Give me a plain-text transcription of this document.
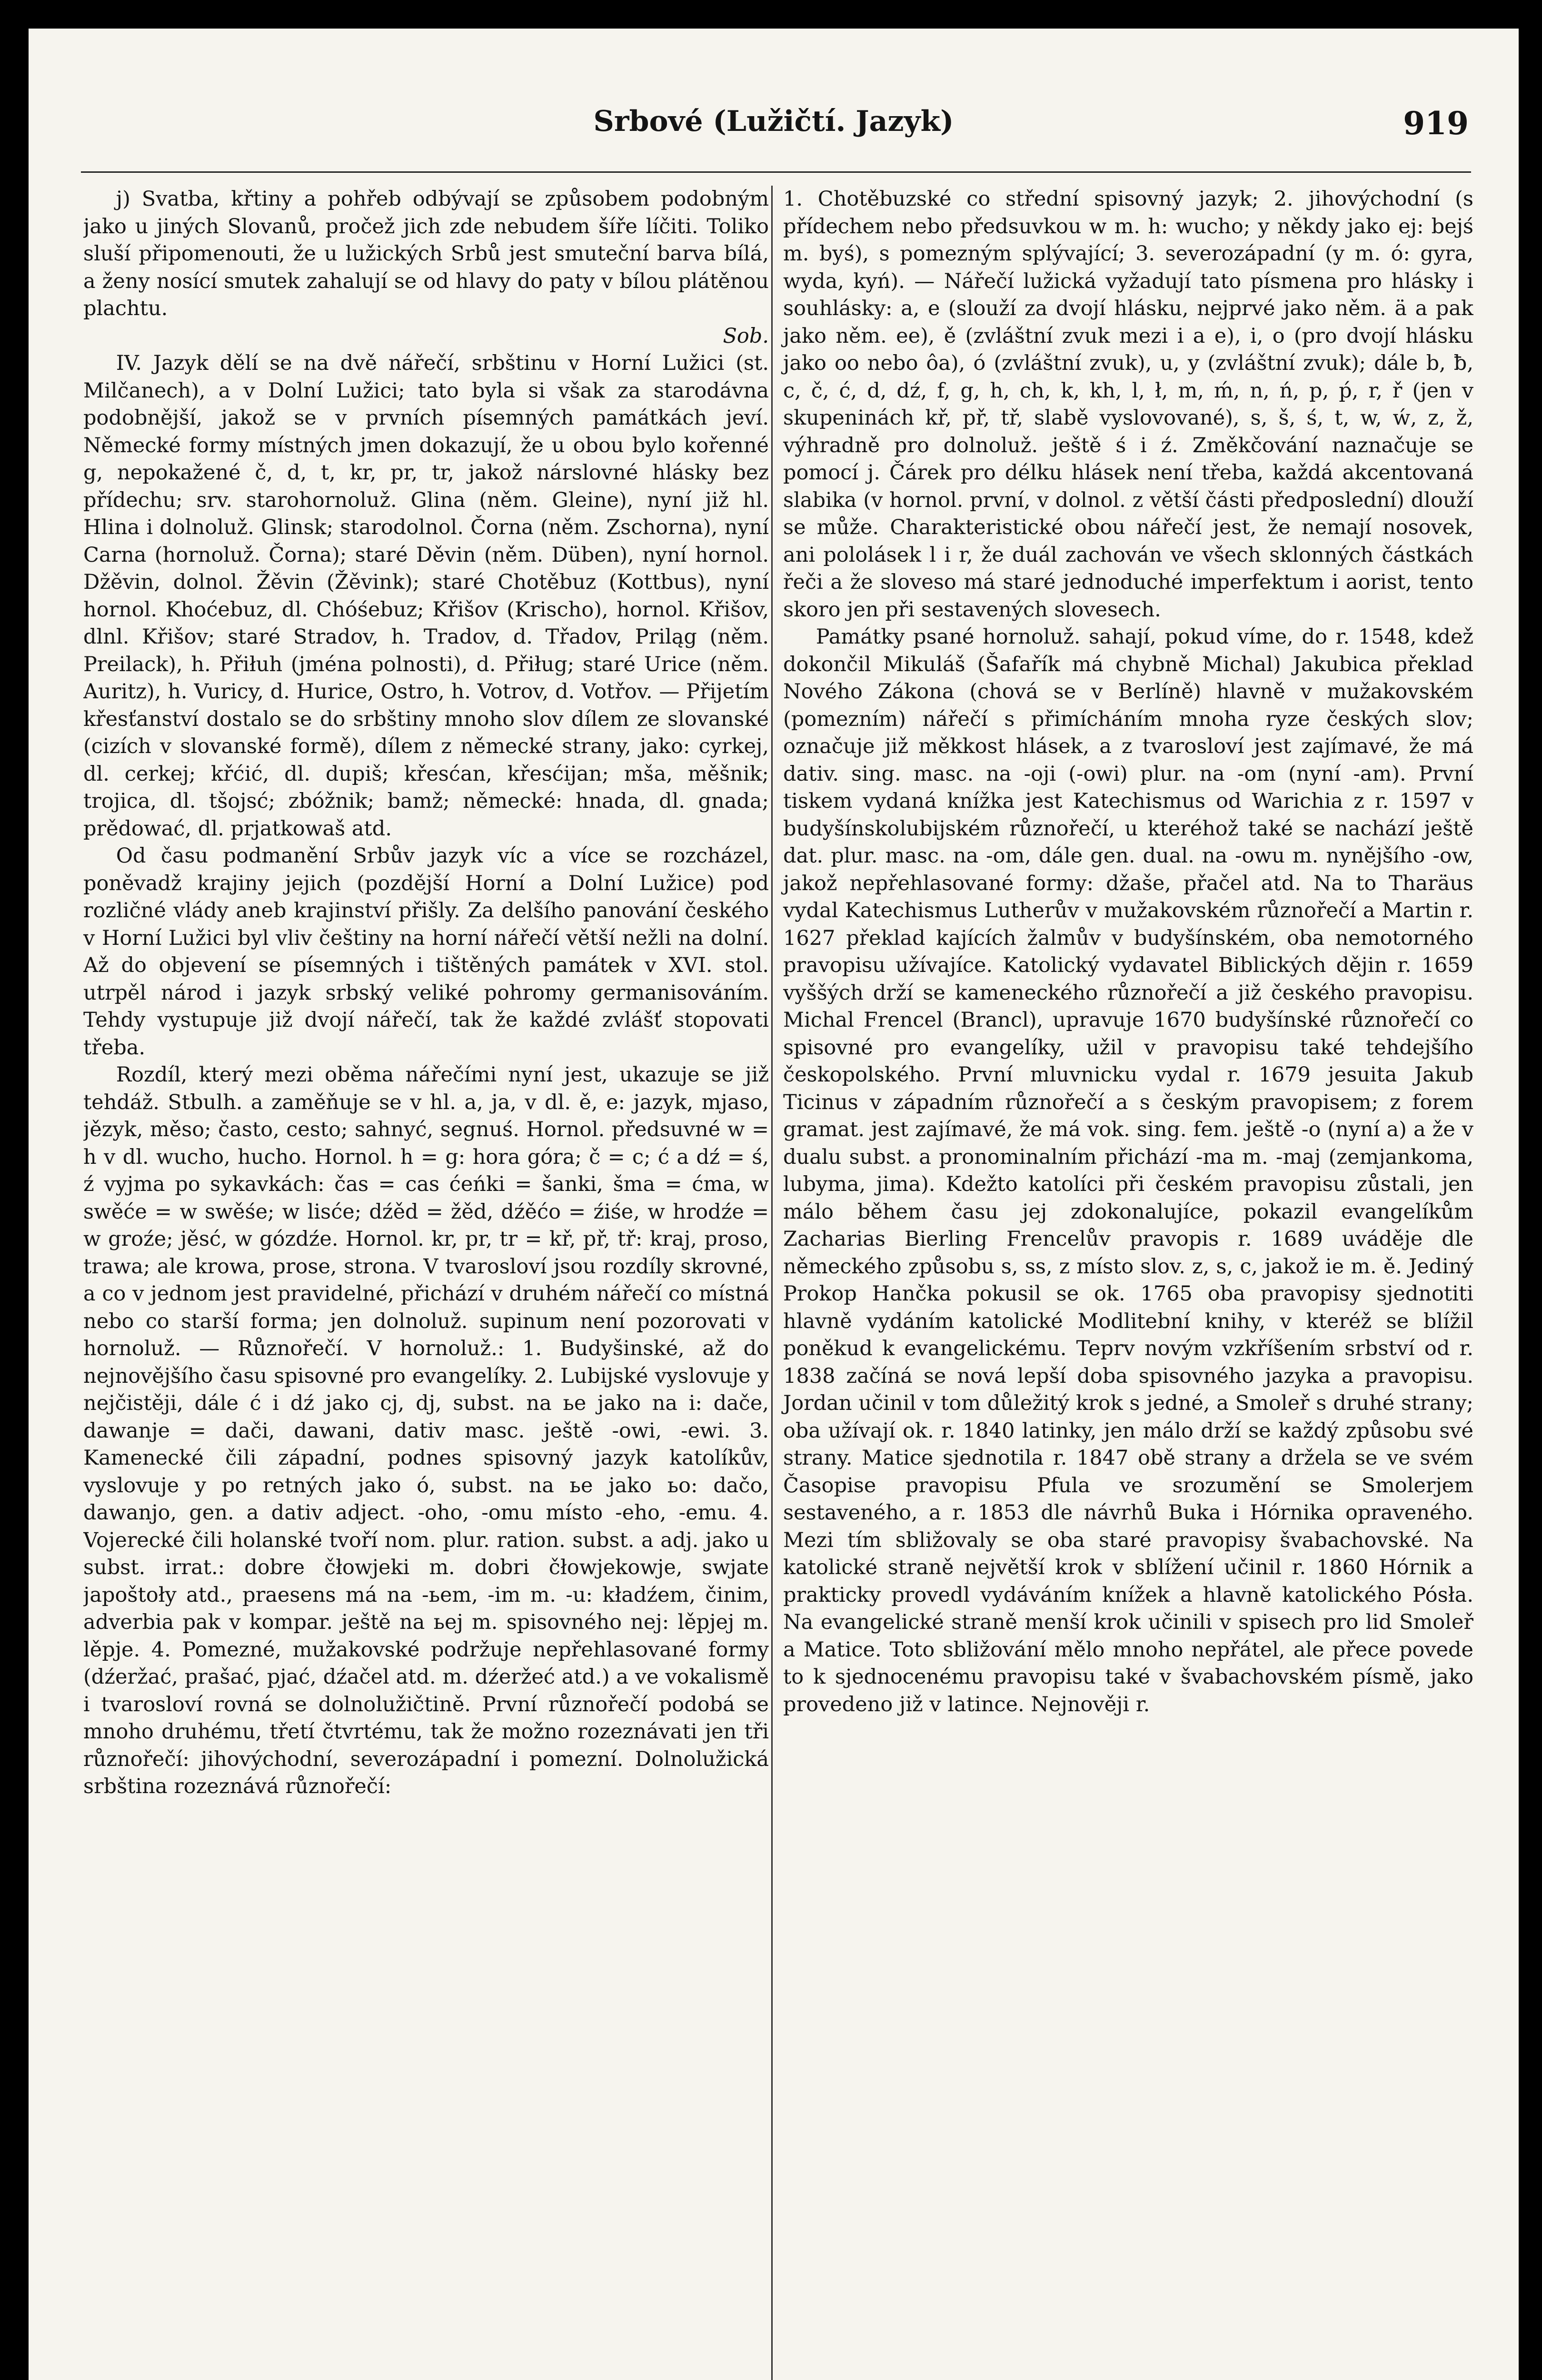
Srbové (Lužičtí. Jazyk)	919

j) Svatba, křtiny a pohřeb odbývají se způsobem podobným jako u jiných Slovanů, pročež jich zde nebudem šíře líčiti. Toliko sluší připomenouti, že u lužických Srbů jest smuteční barva bílá, a ženy nosící smutek zahalují se od hlavy do paty v bílou plátěnou plachtu.

Sob.

IV. Jazyk dělí se na dvě nářečí, srbštinu v Horní Lužici (st. Milčanech), a v Dolní Lužici; tato byla si však za starodávna podobnější, jakož se v prvních písemných památkách jeví. Německé formy místných jmen dokazují, že u obou bylo kořenné g, nepokažené č, d, t, kr, pr, tr, jakož nárslovné hlásky bez přídechu; srv. starohornoluž. Glina (něm. Gleine), nyní již hl. Hlina i dolnoluž. Glinsk; starodolnol. Čorna (něm. Zschorna), nyní Carna (hornoluž. Čorna); staré Děvin (něm. Düben), nyní hornol. Džěvin, dolnol. Žěvin (Žěvink); staré Chotěbuz (Kottbus), nyní hornol. Khoćebuz, dl. Chóśebuz; Křišov (Krischo), hornol. Křišov, dlnl. Křišov; staré Stradov, h. Tradov, d. Třadov, Priląg (něm. Preilack), h. Přiłuh (jména polnosti), d. Přiług; staré Urice (něm. Auritz), h. Vuricy, d. Hurice, Ostro, h. Votrov, d. Votřov. — Přijetím křesťanství dostalo se do srbštiny mnoho slov dílem ze slovanské (cizích v slovanské formě), dílem z německé strany, jako: cyrkej, dl. cerkej; křćić, dl. dupiš; křesćan, křesćijan; mša, měšnik; trojica, dl. tšojsć; zbóžnik; bamž; německé: hnada, dl. gnada; prědować, dl. prjatkowaš atd.

Od času podmanění Srbův jazyk víc a více se rozcházel, poněvadž krajiny jejich (pozdější Horní a Dolní Lužice) pod rozličné vlády aneb krajinství přišly. Za delšího panování českého v Horní Lužici byl vliv češtiny na horní nářečí větší nežli na dolní. Až do objevení se písemných i tištěných památek v XVI. stol. utrpěl národ i jazyk srbský veliké pohromy germanisováním. Tehdy vystupuje již dvojí nářečí, tak že každé zvlášť stopovati třeba.

Rozdíl, který mezi oběma nářečími nyní jest, ukazuje se již tehdáž. Stbulh. a zaměňuje se v hl. a, ja, v dl. ě, e: jazyk, mjaso, jězyk, měso; často, cesto; sahnyć, segnuś. Hornol. předsuvné w = h v dl. wucho, hucho. Hornol. h = g: hora góra; č = c; ć a dź = ś, ź vyjma po sykavkách: čas = cas ćeńki = šanki, šma = ćma, w swěće = w swěśe; w lisće; dźěd = žěd, dźěćo = źiśe, w hrodźe = w groźe; jěsć, w gózdźe. Hornol. kr, pr, tr = kř, př, tř: kraj, proso, trawa; ale krowa, prose, strona. V tvarosloví jsou rozdíly skrovné, a co v jednom jest pravidelné, přichází v druhém nářečí co místná nebo co starší forma; jen dolnoluž. supinum není pozorovati v hornoluž. — Různořečí. V hornoluž.: 1. Budyšinské, až do nejnovějšího času spisovné pro evangelíky. 2. Lubijské vyslovuje y nejčistěji, dále ć i dź jako cj, dj, subst. na ье jako na i: dače, dawanje = dači, dawani, dativ masc. ještě -owi, -ewi. 3. Kamenecké čili západní, podnes spisovný jazyk katolíkův, vyslovuje y po retných jako ó, subst. na ье jako ьо: dačo, dawanjo, gen. a dativ adject. -oho, -omu místo -eho, -emu. 4. Vojerecké čili holanské tvoří nom. plur. ration. subst. a adj. jako u subst. irrat.: dobre čłowjeki m. dobri čłowjekowje, swjate japoštoły atd., praesens má na -ьem, -im m. -u: kładźem, činim, adverbia pak v kompar. ještě na ьej m. spisovného nej: lěpjej m. lěpje. 4. Pomezné, mužakovské podržuje nepřehlasované formy (dźeržać, prašać, pjać, dźačel atd. m. dźeržeć atd.) a ve vokalismě i tvarosloví rovná se dolnolužičtině. První různořečí podobá se mnoho druhému, třetí čtvrtému, tak že možno rozeznávati jen tři různořečí: jihovýchodní, severozápadní i pomezní. Dolnolužická srbština rozeznává různořečí:

1. Chotěbuzské co střední spisovný jazyk; 2. jihovýchodní (s přídechem nebo předsuvkou w m. h: wucho; y někdy jako ej: bejś m. byś), s pomezným splývající; 3. severozápadní (y m. ó: gyra, wyda, kyń). — Nářečí lužická vyžadují tato písmena pro hlásky i souhlásky: a, e (slouží za dvojí hlásku, nejprvé jako něm. ä a pak jako něm. ee), ě (zvláštní zvuk mezi i a e), i, o (pro dvojí hlásku jako oo nebo ôa), ó (zvláštní zvuk), u, y (zvláštní zvuk); dále b, ƀ, c, č, ć, d, dź, f, g, h, ch, k, kh, l, ł, m, ḿ, n, ń, p, ṕ, r, ř (jen v skupeninách kř, př, tř, slabě vyslovované), s, š, ś, t, w, ẃ, z, ž, výhradně pro dolnoluž. ještě ś i ź. Změkčování naznačuje se pomocí j. Čárek pro délku hlásek není třeba, každá akcentovaná slabika (v hornol. první, v dolnol. z větší části předposlední) dlouží se může. Charakteristické obou nářečí jest, že nemají nosovek, ani pololásek l i r, že duál zachován ve všech sklonných částkách řeči a že sloveso má staré jednoduché imperfektum i aorist, tento skoro jen při sestavených slovesech.

Památky psané hornoluž. sahají, pokud víme, do r. 1548, kdež dokončil Mikuláš (Šafařík má chybně Michal) Jakubica překlad Nového Zákona (chová se v Berlíně) hlavně v mužakovském (pomezním) nářečí s přimícháním mnoha ryze českých slov; označuje již měkkost hlásek, a z tvarosloví jest zajímavé, že má dativ. sing. masc. na -oji (-owi) plur. na -om (nyní -am). První tiskem vydaná knížka jest Katechismus od Warichia z r. 1597 v budyšínskolubijském různořečí, u kteréhož také se nachází ještě dat. plur. masc. na -om, dále gen. dual. na -owu m. nynějšího -ow, jakož nepřehlasované formy: džaše, přačel atd. Na to Tharäus vydal Katechismus Lutherův v mužakovském různořečí a Martin r. 1627 překlad kajících žalmův v budyšínském, oba nemotorného pravopisu užívajíce. Katolický vydavatel Biblických dějin r. 1659 vyššých drží se kameneckého různořečí a již českého pravopisu. Michal Frencel (Brancl), upravuje 1670 budyšínské různořečí co spisovné pro evangelíky, užil v pravopisu také tehdejšího českopolského. První mluvnicku vydal r. 1679 jesuita Jakub Ticinus v západním různořečí a s českým pravopisem; z forem gramat. jest zajímavé, že má vok. sing. fem. ještě -o (nyní a) a že v dualu subst. a pronominalním přichází -ma m. -maj (zemjankoma, lubyma, jima). Kdežto katolíci při českém pravopisu zůstali, jen málo během času jej zdokonalujíce, pokazil evangelíkům Zacharias Bierling Frencelův pravopis r. 1689 uváděje dle německého způsobu s, ss, z místo slov. z, s, c, jakož ie m. ě. Jediný Prokop Hančka pokusil se ok. 1765 oba pravopisy sjednotiti hlavně vydáním katolické Modlitební knihy, v kteréž se blížil poněkud k evangelickému. Teprv novým vzkříšením srbství od r. 1838 začíná se nová lepší doba spisovného jazyka a pravopisu. Jordan učinil v tom důležitý krok s jedné, a Smoleř s druhé strany; oba užívají ok. r. 1840 latinky, jen málo drží se každý způsobu své strany. Matice sjednotila r. 1847 obě strany a držela se ve svém Časopise pravopisu Pfula ve srozumění se Smolerjem sestaveného, a r. 1853 dle návrhů Buka i Hórnika opraveného. Mezi tím sbližovaly se oba staré pravopisy švabachovské. Na katolické straně největší krok v sblížení učinil r. 1860 Hórnik a prakticky provedl vydáváním knížek a hlavně katolického Pósła. Na evangelické straně menší krok učinili v spisech pro lid Smoleř a Matice. Toto sbližování mělo mnoho nepřátel, ale přece povede to k sjednocenému pravopisu také v švabachovském písmě, jako provedeno již v latince. Nejnověji r.
